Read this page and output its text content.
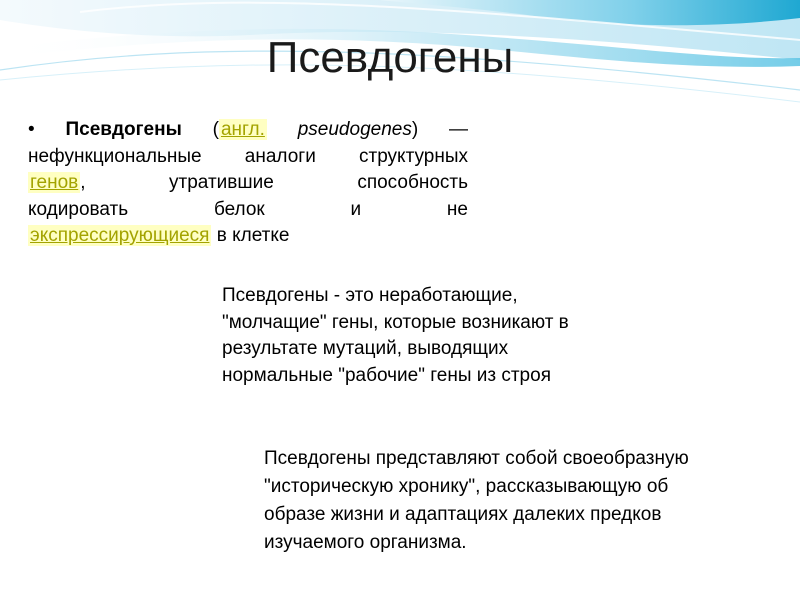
Псевдогены
• Псевдогены ( англ. pseudogenes) —
нефункциональные аналоги структурных
генов , утратившие способность
кодировать белок и не
экспрессирующиеся в клетке
Псевдогены - это неработающие,
"молчащие" гены, которые возникают в
результате мутаций, выводящих
нормальные "рабочие" гены из строя
Псевдогены представляют собой своеобразную
"историческую хронику", рассказывающую об
образе жизни и адаптациях далеких предков
изучаемого организма.
